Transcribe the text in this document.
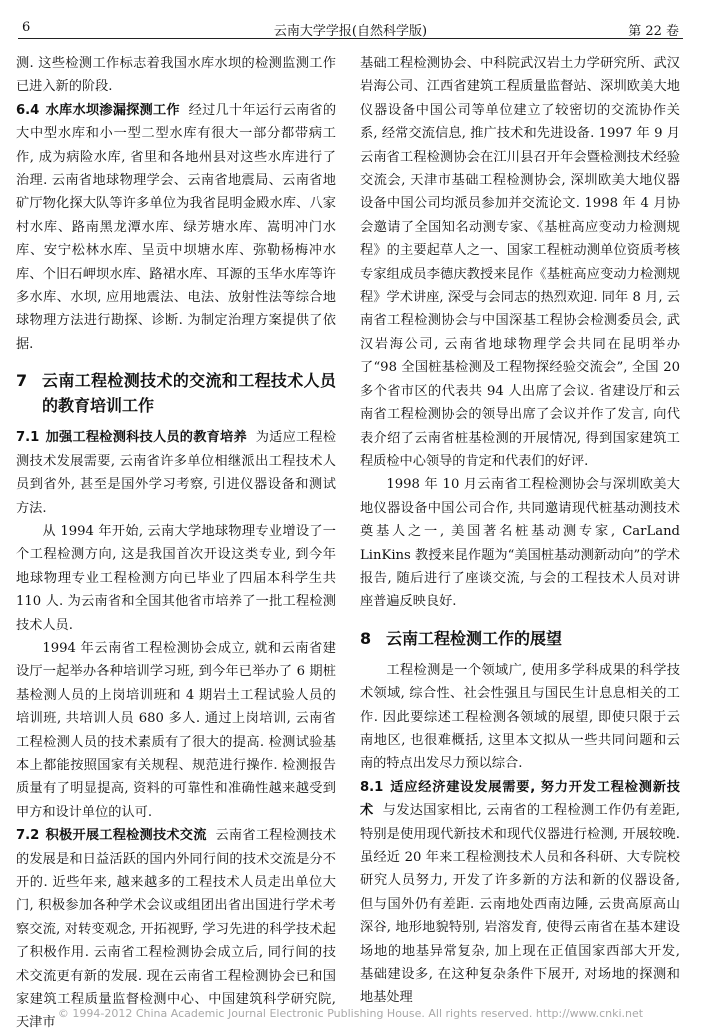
6	云南大学学报(自然科学版)	第 22 卷

测. 这些检测工作标志着我国水库水坝的检测监测工作已进入新的阶段.

6.4 水库水坝渗漏探测工作 经过几十年运行云南省的大中型水库和小一型二型水库有很大一部分都带病工作, 成为病险水库, 省里和各地州县对这些水库进行了治理. 云南省地球物理学会、云南省地震局、云南省地矿厅物化探大队等许多单位为我省昆明金殿水库、八家村水库、路南黑龙潭水库、绿芳塘水库、嵩明冲门水库、安宁松林水库、呈贡中坝塘水库、弥勒杨梅冲水库、个旧石岬坝水库、路裙水库、耳源的玉华水库等许多水库、水坝, 应用地震法、电法、放射性法等综合地球物理方法进行勘探、诊断. 为制定治理方案提供了依据.

7 云南工程检测技术的交流和工程技术人员的教育培训工作

7.1 加强工程检测科技人员的教育培养 为适应工程检测技术发展需要, 云南省许多单位相继派出工程技术人员到省外, 甚至是国外学习考察, 引进仪器设备和测试方法.

从 1994 年开始, 云南大学地球物理专业增设了一个工程检测方向, 这是我国首次开设这类专业, 到今年地球物理专业工程检测方向已毕业了四届本科学生共 110 人. 为云南省和全国其他省市培养了一批工程检测技术人员.

1994 年云南省工程检测协会成立, 就和云南省建设厅一起举办各种培训学习班, 到今年已举办了 6 期桩基检测人员的上岗培训班和 4 期岩土工程试验人员的培训班, 共培训人员 680 多人. 通过上岗培训, 云南省工程检测人员的技术素质有了很大的提高. 检测试验基本上都能按照国家有关规程、规范进行操作. 检测报告质量有了明显提高, 资料的可靠性和准确性越来越受到甲方和设计单位的认可.

7.2 积极开展工程检测技术交流 云南省工程检测技术的发展是和日益活跃的国内外同行间的技术交流是分不开的. 近些年来, 越来越多的工程技术人员走出单位大门, 积极参加各种学术会议或组团出省出国进行学术考察交流, 对转变观念, 开拓视野, 学习先进的科学技术起了积极作用. 云南省工程检测协会成立后, 同行间的技术交流更有新的发展. 现在云南省工程检测协会已和国家建筑工程质量监督检测中心、中国建筑科学研究院, 天津市

基础工程检测协会、中科院武汉岩土力学研究所、武汉岩海公司、江西省建筑工程质量监督站、深圳欧美大地仪器设备中国公司等单位建立了较密切的交流协作关系, 经常交流信息, 推广技术和先进设备. 1997 年 9 月云南省工程检测协会在江川县召开年会暨检测技术经验交流会, 天津市基础工程检测协会, 深圳欧美大地仪器设备中国公司均派员参加并交流论文. 1998 年 4 月协会邀请了全国知名动测专家、《基桩高应变动力检测规程》的主要起草人之一、国家工程桩动测单位资质考核专家组成员李德庆教授来昆作《基桩高应变动力检测规程》学术讲座, 深受与会同志的热烈欢迎. 同年 8 月, 云南省工程检测协会与中国深基工程协会检测委员会, 武汉岩海公司, 云南省地球物理学会共同在昆明举办了“98 全国桩基检测及工程物探经验交流会”, 全国 20 多个省市区的代表共 94 人出席了会议. 省建设厅和云南省工程检测协会的领导出席了会议并作了发言, 向代表介绍了云南省桩基检测的开展情况, 得到国家建筑工程质检中心领导的肯定和代表们的好评.

1998 年 10 月云南省工程检测协会与深圳欧美大地仪器设备中国公司合作, 共同邀请现代桩基动测技术奠基人之一, 美国著名桩基动测专家, CarLand LinKins 教授来昆作题为“美国桩基动测新动向”的学术报告, 随后进行了座谈交流, 与会的工程技术人员对讲座普遍反映良好.

8 云南工程检测工作的展望

工程检测是一个领域广, 使用多学科成果的科学技术领域, 综合性、社会性强且与国民生计息息相关的工作. 因此要综述工程检测各领域的展望, 即使只限于云南地区, 也很难概括, 这里本文拟从一些共同问题和云南的特点出发尽力预以综合.

8.1 适应经济建设发展需要, 努力开发工程检测新技术 与发达国家相比, 云南省的工程检测工作仍有差距, 特别是使用现代新技术和现代仪器进行检测, 开展较晚. 虽经近 20 年来工程检测技术人员和各科研、大专院校研究人员努力, 开发了许多新的方法和新的仪器设备, 但与国外仍有差距. 云南地处西南边陲, 云贵高原高山深谷, 地形地貌特别, 岩溶发育, 使得云南省在基本建设场地的地基异常复杂, 加上现在正值国家西部大开发, 基础建设多, 在这种复杂条件下展开, 对场地的探测和地基处理

© 1994-2012 China Academic Journal Electronic Publishing House. All rights reserved. http://www.cnki.net
